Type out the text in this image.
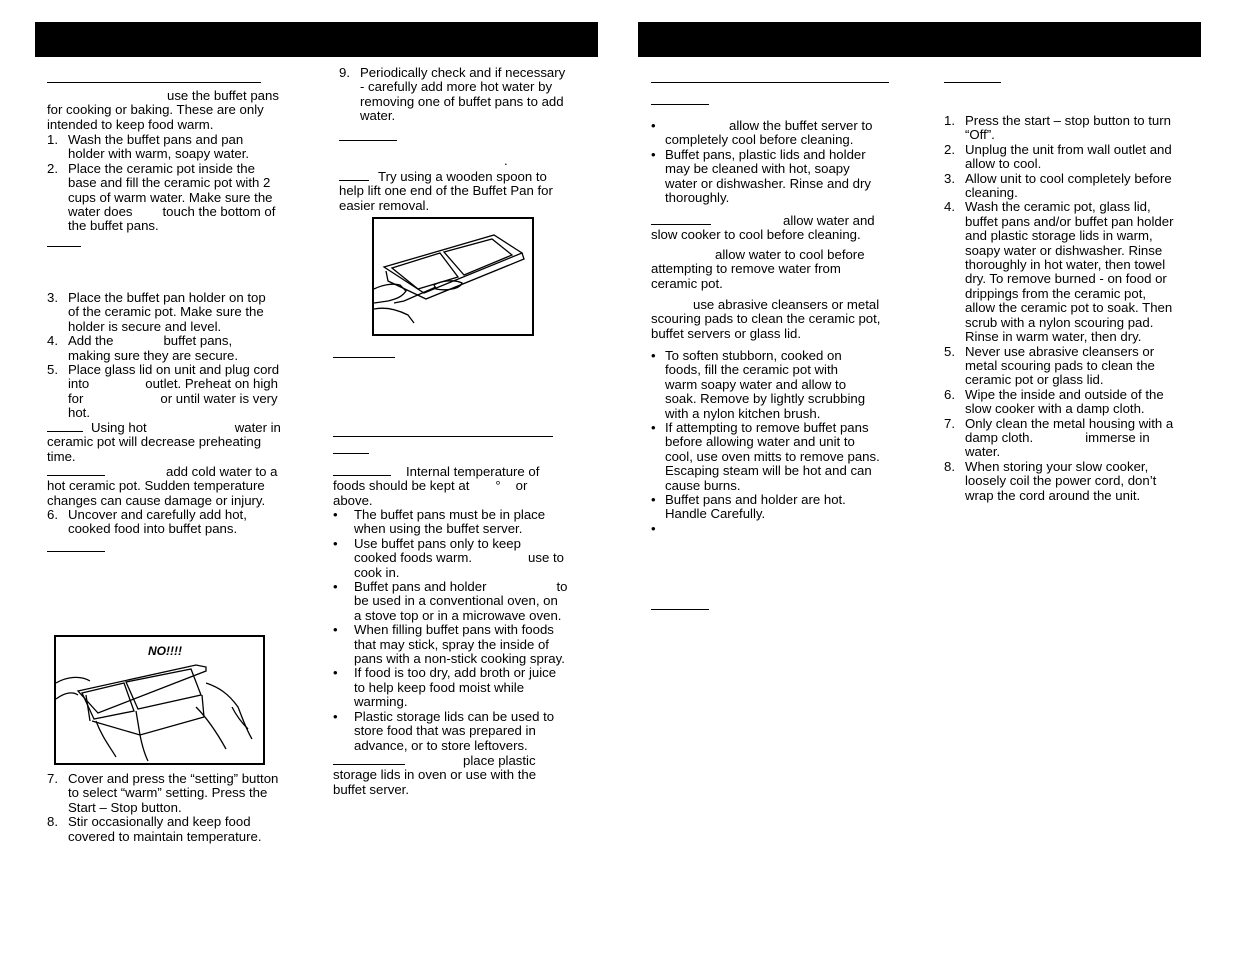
use the buffet pans

for cooking or baking. These are only

intended to keep food warm.

1. Wash the buffet pans and pan

holder with warm, soapy water.

2. Place the ceramic pot inside the

base and fill the ceramic pot with 2

cups of warm water. Make sure the

water does touch the bottom of

the buffet pans.

3. Place the buffet pan holder on top

of the ceramic pot. Make sure the

holder is secure and level.

4. Add the	buffet pans,

making sure they are secure.

5. Place glass lid on unit and plug cord

into	outlet. Preheat on high

for	or until water is very

hot.

Using hot	water in

ceramic pot will decrease preheating

time.

add cold water to a

hot ceramic pot. Sudden temperature

changes can cause damage or injury.

6. Uncover and carefully add hot,

cooked food into buffet pans.

NO!!!!
7. Cover and press the “setting” button

to select “warm” setting. Press the

Start – Stop button.

8. Stir occasionally and keep food

covered to maintain temperature.

9. Periodically check and if necessary

- carefully add more hot water by

removing one of buffet pans to add

water.

.

Try using a wooden spoon to

help lift one end of the Buffet Pan for

easier removal.

Internal temperature of

foods should be kept at ° or

above.

• The buffet pans must be in place

when using the buffet server.

• Use buffet pans only to keep

cooked foods warm.	use to

cook in.

• Buffet pans and holder	to

be used in a conventional oven, on

a stove top or in a microwave oven.

• When filling buffet pans with foods

that may stick, spray the inside of

pans with a non-stick cooking spray.

• If food is too dry, add broth or juice

to help keep food moist while

warming.

• Plastic storage lids can be used to

store food that was prepared in

advance, or to store leftovers.

place plastic

storage lids in oven or use with the

buffet server.

•	allow the buffet server to

completely cool before cleaning.

• Buffet pans, plastic lids and holder

may be cleaned with hot, soapy

water or dishwasher. Rinse and dry

thoroughly.

allow water and

slow cooker to cool before cleaning.

allow water to cool before

attempting to remove water from

ceramic pot.

use abrasive cleansers or metal

scouring pads to clean the ceramic pot,

buffet servers or glass lid.

• To soften stubborn, cooked on

foods, fill the ceramic pot with

warm soapy water and allow to

soak. Remove by lightly scrubbing

with a nylon kitchen brush.

• If attempting to remove buffet pans

before allowing water and unit to

cool, use oven mitts to remove pans.

Escaping steam will be hot and can

cause burns.

• Buffet pans and holder are hot.

Handle Carefully.

•

1. Press the start – stop button to turn

“Off”.

2. Unplug the unit from wall outlet and

allow to cool.

3. Allow unit to cool completely before

cleaning.

4. Wash the ceramic pot, glass lid,

buffet pans and/or buffet pan holder

and plastic storage lids in warm,

soapy water or dishwasher. Rinse

thoroughly in hot water, then towel

dry. To remove burned - on food or

drippings from the ceramic pot,

allow the ceramic pot to soak. Then

scrub with a nylon scouring pad.

Rinse in warm water, then dry.

5. Never use abrasive cleansers or

metal scouring pads to clean the

ceramic pot or glass lid.

6. Wipe the inside and outside of the

slow cooker with a damp cloth.

7. Only clean the metal housing with a

damp cloth.	immerse in

water.

8. When storing your slow cooker,

loosely coil the power cord, don’t

wrap the cord around the unit.
